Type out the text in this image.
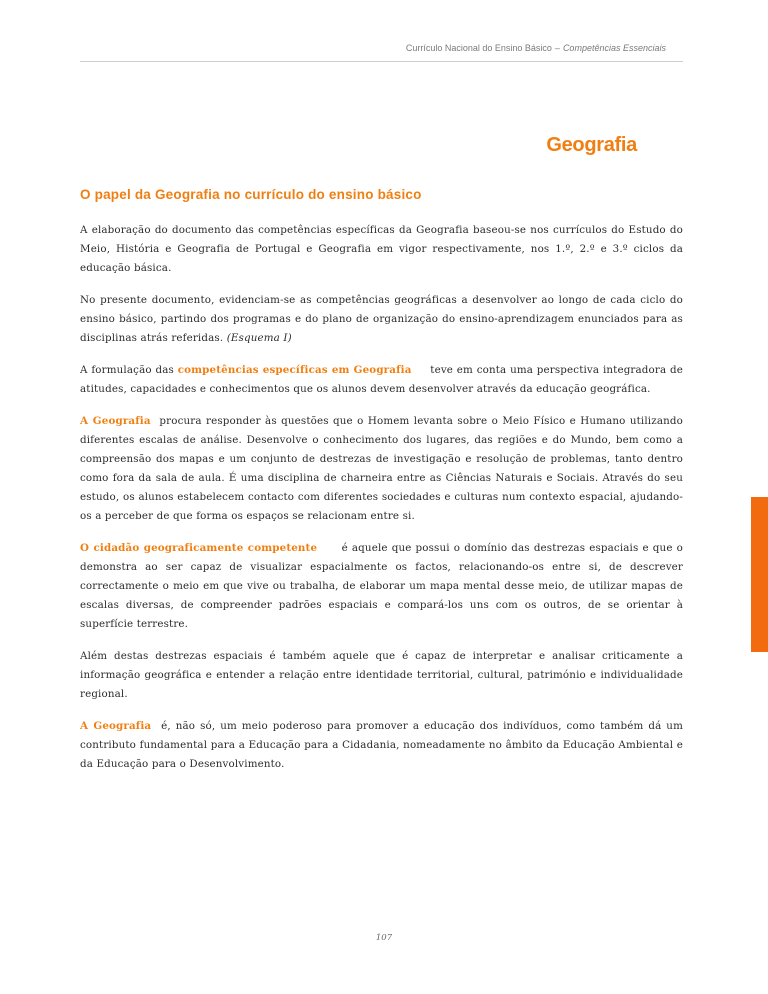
Currículo Nacional do Ensino Básico – Competências Essenciais
Geografia
O papel da Geografia no currículo do ensino básico

A elaboração do documento das competências específicas da Geografia baseou-se nos currículos do Estudo do Meio, História e Geografia de Portugal e Geografia em vigor respectivamente, nos 1.º, 2.º e 3.º ciclos da educação básica.

No presente documento, evidenciam-se as competências geográficas a desenvolver ao longo de cada ciclo do ensino básico, partindo dos programas e do plano de organização do ensino-aprendizagem enunciados para as disciplinas atrás referidas. (Esquema I)

A formulação das competências específicas em Geografia teve em conta uma perspectiva integradora de atitudes, capacidades e conhecimentos que os alunos devem desenvolver através da educação geográfica.

A Geografia procura responder às questões que o Homem levanta sobre o Meio Físico e Humano utilizando diferentes escalas de análise. Desenvolve o conhecimento dos lugares, das regiões e do Mundo, bem como a compreensão dos mapas e um conjunto de destrezas de investigação e resolução de problemas, tanto dentro como fora da sala de aula. É uma disciplina de charneira entre as Ciências Naturais e Sociais. Através do seu estudo, os alunos estabelecem contacto com diferentes sociedades e culturas num contexto espacial, ajudando-os a perceber de que forma os espaços se relacionam entre si.

O cidadão geograficamente competente é aquele que possui o domínio das destrezas espaciais e que o demonstra ao ser capaz de visualizar espacialmente os factos, relacionando-os entre si, de descrever correctamente o meio em que vive ou trabalha, de elaborar um mapa mental desse meio, de utilizar mapas de escalas diversas, de compreender padrões espaciais e compará-los uns com os outros, de se orientar à superfície terrestre.

Além destas destrezas espaciais é também aquele que é capaz de interpretar e analisar criticamente a informação geográfica e entender a relação entre identidade territorial, cultural, património e individualidade regional.

A Geografia é, não só, um meio poderoso para promover a educação dos indivíduos, como também dá um contributo fundamental para a Educação para a Cidadania, nomeadamente no âmbito da Educação Ambiental e da Educação para o Desenvolvimento.

107
